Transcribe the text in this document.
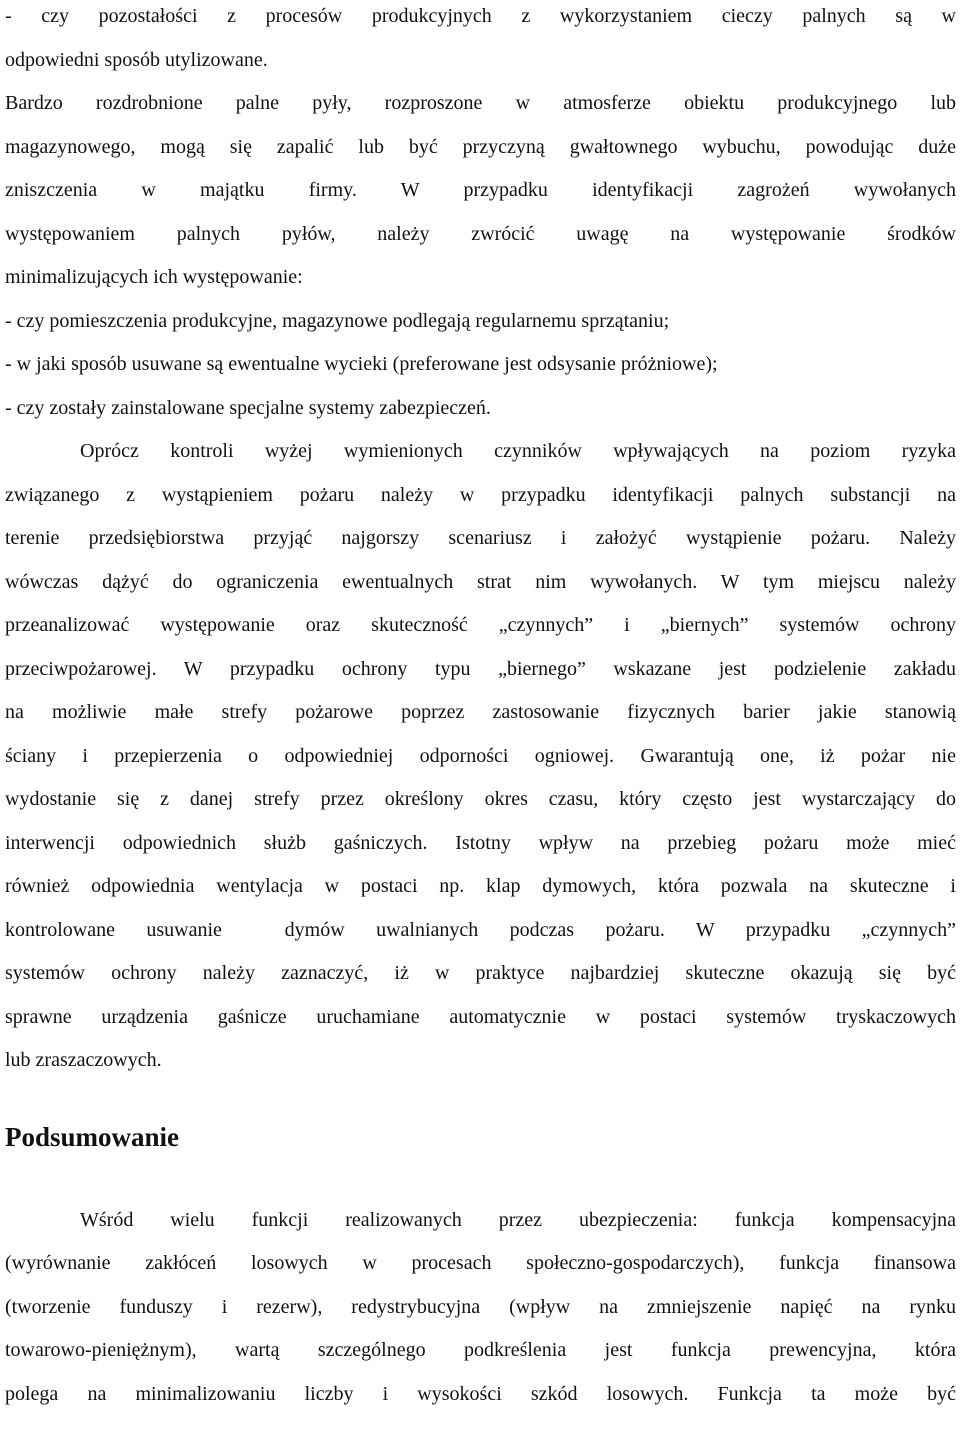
- czy pozostałości z procesów produkcyjnych z wykorzystaniem cieczy palnych są w
odpowiedni sposób utylizowane.
Bardzo rozdrobnione palne pyły, rozproszone w atmosferze obiektu produkcyjnego lub
magazynowego, mogą się zapalić lub być przyczyną gwałtownego wybuchu, powodując duże
zniszczenia w majątku firmy. W przypadku identyfikacji zagrożeń wywołanych
występowaniem palnych pyłów, należy zwrócić uwagę na występowanie środków
minimalizujących ich występowanie:
- czy pomieszczenia produkcyjne, magazynowe podlegają regularnemu sprzątaniu;
- w jaki sposób usuwane są ewentualne wycieki (preferowane jest odsysanie próżniowe);
- czy zostały zainstalowane specjalne systemy zabezpieczeń.
Oprócz kontroli wyżej wymienionych czynników wpływających na poziom ryzyka
związanego z wystąpieniem pożaru należy w przypadku identyfikacji palnych substancji na
terenie przedsiębiorstwa przyjąć najgorszy scenariusz i założyć wystąpienie pożaru. Należy
wówczas dążyć do ograniczenia ewentualnych strat nim wywołanych. W tym miejscu należy
przeanalizować występowanie oraz skuteczność „czynnych” i „biernych” systemów ochrony
przeciwpożarowej. W przypadku ochrony typu „biernego” wskazane jest podzielenie zakładu
na możliwie małe strefy pożarowe poprzez zastosowanie fizycznych barier jakie stanowią
ściany i przepierzenia o odpowiedniej odporności ogniowej. Gwarantują one, iż pożar nie
wydostanie się z danej strefy przez określony okres czasu, który często jest wystarczający do
interwencji odpowiednich służb gaśniczych. Istotny wpływ na przebieg pożaru może mieć
również odpowiednia wentylacja w postaci np. klap dymowych, która pozwala na skuteczne i
kontrolowane usuwanie  dymów uwalnianych podczas pożaru. W przypadku „czynnych”
systemów ochrony należy zaznaczyć, iż w praktyce najbardziej skuteczne okazują się być
sprawne urządzenia gaśnicze uruchamiane automatycznie w postaci systemów tryskaczowych
lub zraszaczowych.
Podsumowanie
Wśród wielu funkcji realizowanych przez ubezpieczenia: funkcja kompensacyjna
(wyrównanie zakłóceń losowych w procesach społeczno-gospodarczych), funkcja finansowa
(tworzenie funduszy i rezerw), redystrybucyjna (wpływ na zmniejszenie napięć na rynku
towarowo-pieniężnym), wartą szczególnego podkreślenia jest funkcja prewencyjna, która
polega na minimalizowaniu liczby i wysokości szkód losowych. Funkcja ta może być
